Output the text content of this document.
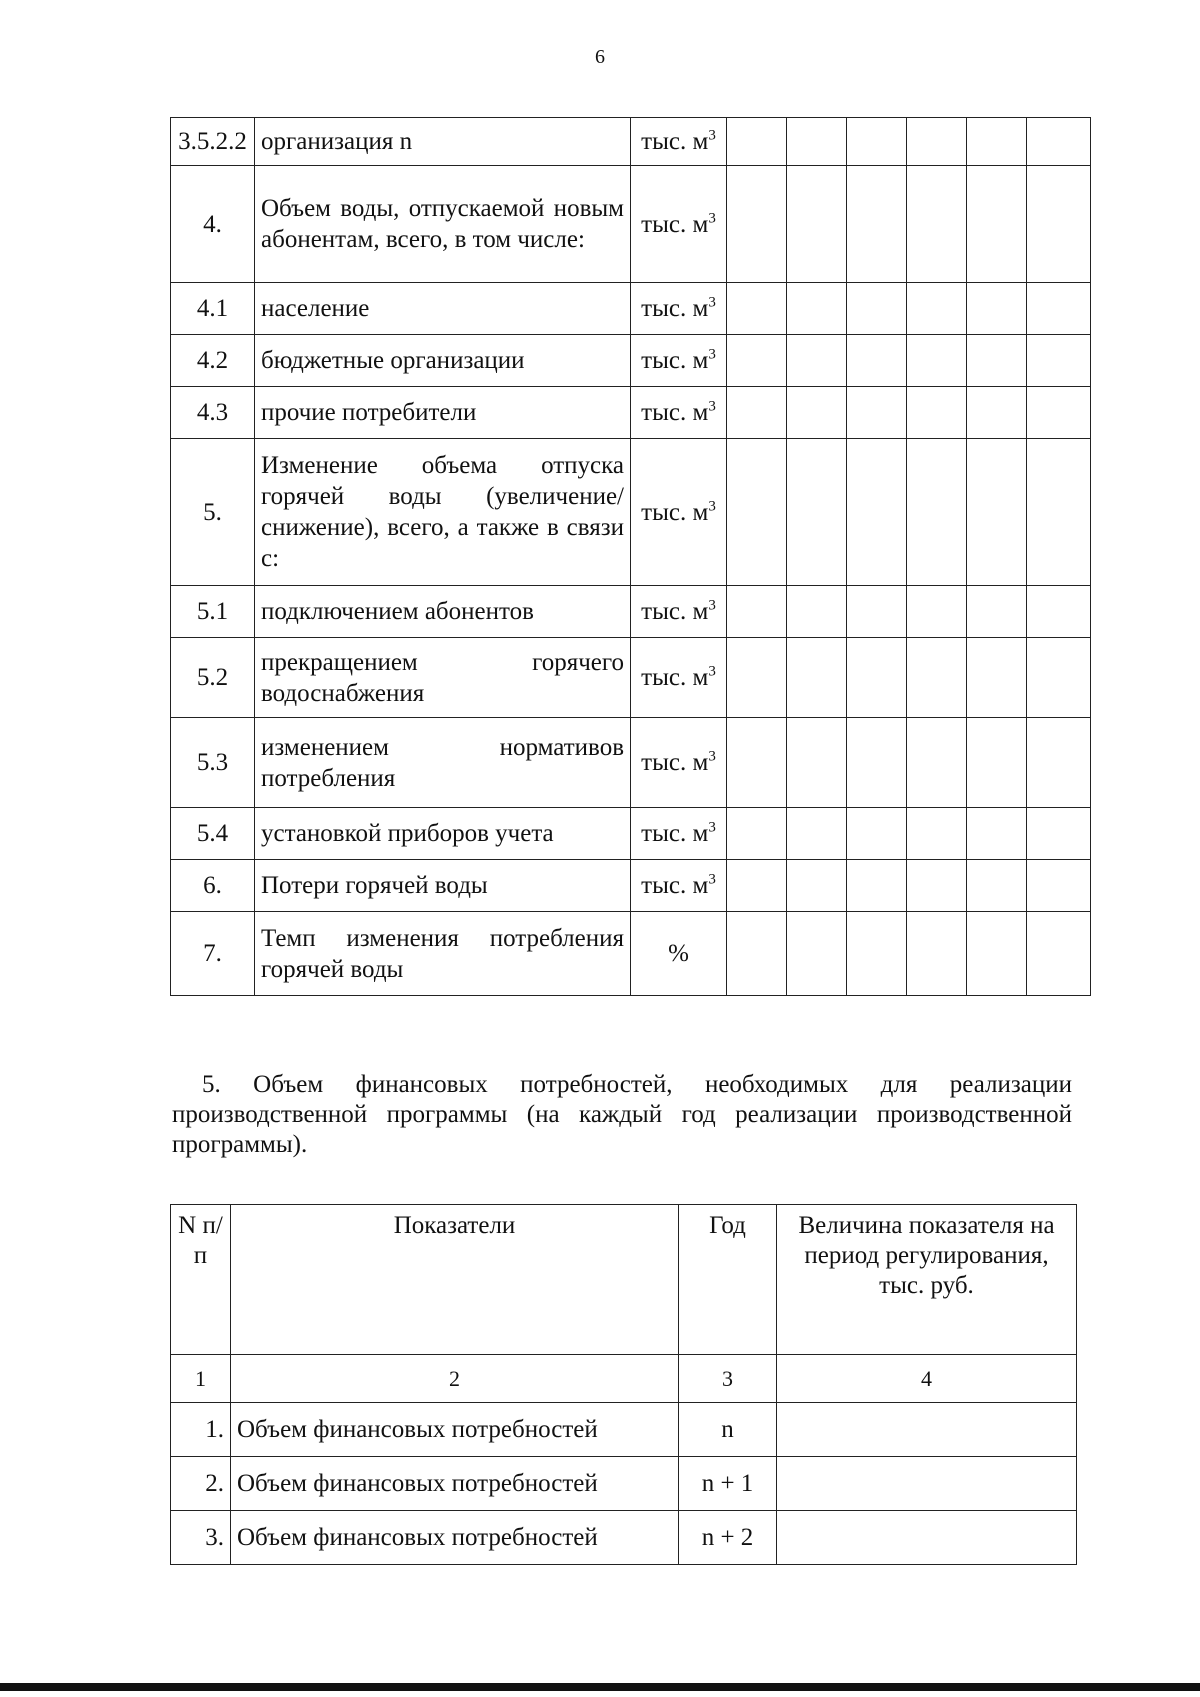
6
3.5.2.2	организация n	тыс. $м^3$						
4.	Объем воды, отпускаемой новым абонентам, всего, в том числе:	тыс. $м^3$						
4.1	население	тыс. $м^3$						
4.2	бюджетные организации	тыс. $м^3$						
4.3	прочие потребители	тыс. $м^3$						
5.	Изменение объема отпуска горячей воды (увеличение/снижение), всего, а также в связи с:	тыс. $м^3$						
5.1	подключением абонентов	тыс. $м^3$						
5.2	прекращением горячего водоснабжения	тыс. $м^3$						
5.3	изменением нормативов потребления	тыс. $м^3$						
5.4	установкой приборов учета	тыс. $м^3$						
6.	Потери горячей воды	тыс. $м^3$						
7.	Темп изменения потребления горячей воды	%						
5. Объем финансовых потребностей, необходимых для реализации производственной программы (на каждый год реализации производственной программы).
N п/п	Показатели	Год	Величина показателя на период регулирования, тыс. руб.
1	2	3	4
1.	Объем финансовых потребностей	n	
2.	Объем финансовых потребностей	n + 1	
3.	Объем финансовых потребностей	n + 2	
